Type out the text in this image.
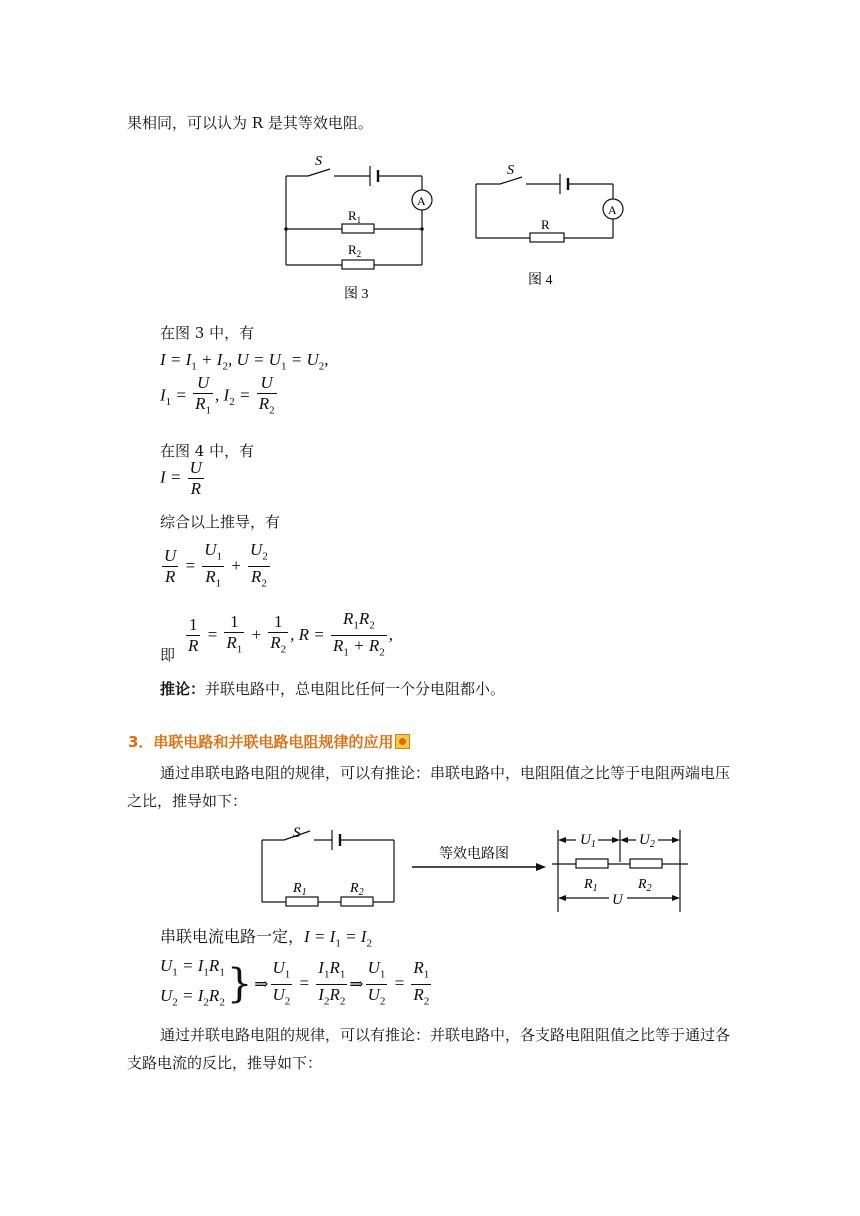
果相同，可以认为 R 是其等效电阻。
S
A
$R_1$
$R_2$
图 3
S
A
R
图 4
在图 3 中，有
$I = I_1 + I_2$, $U = U_1 = U_2$,
$I_1 = \frac{U}{R_1}$ , $I_2 = \frac{U}{R_2}$
在图 4 中，有
$I = \frac{U}{R}$
综合以上推导，有
$\frac{U}{R} = \frac{U_1}{R_1} + \frac{U_2}{R_2}$
即 $\frac{1}{R} = \frac{1}{R_1} + \frac{1}{R_2}$ , $R = \frac{R_1R_2}{R_1 + R_2}$ ,
推论：并联电路中，总电阻比任何一个分电阻都小。
3．串联电路和并联电路电阻规律的应用
通过串联电路电阻的规律，可以有推论：串联电路中，电阻阻值之比等于电阻两端电压
之比，推导如下：
等效电路图
S
$R_1$	$R_2$
$U_1$	$U_2$
$R_1$	$R_2$
U
串联电流电路一定，$I = I_1 = I_2$
$U_1 = I_1R_1$
$U_2 = I_2R_2$} ⇒ $\frac{U_1}{U_2} = \frac{I_1R_1}{I_2R_2}$ ⇒ $\frac{U_1}{U_2} = \frac{R_1}{R_2}$
通过并联电路电阻的规律，可以有推论：并联电路中，各支路电阻阻值之比等于通过各
支路电流的反比，推导如下：
